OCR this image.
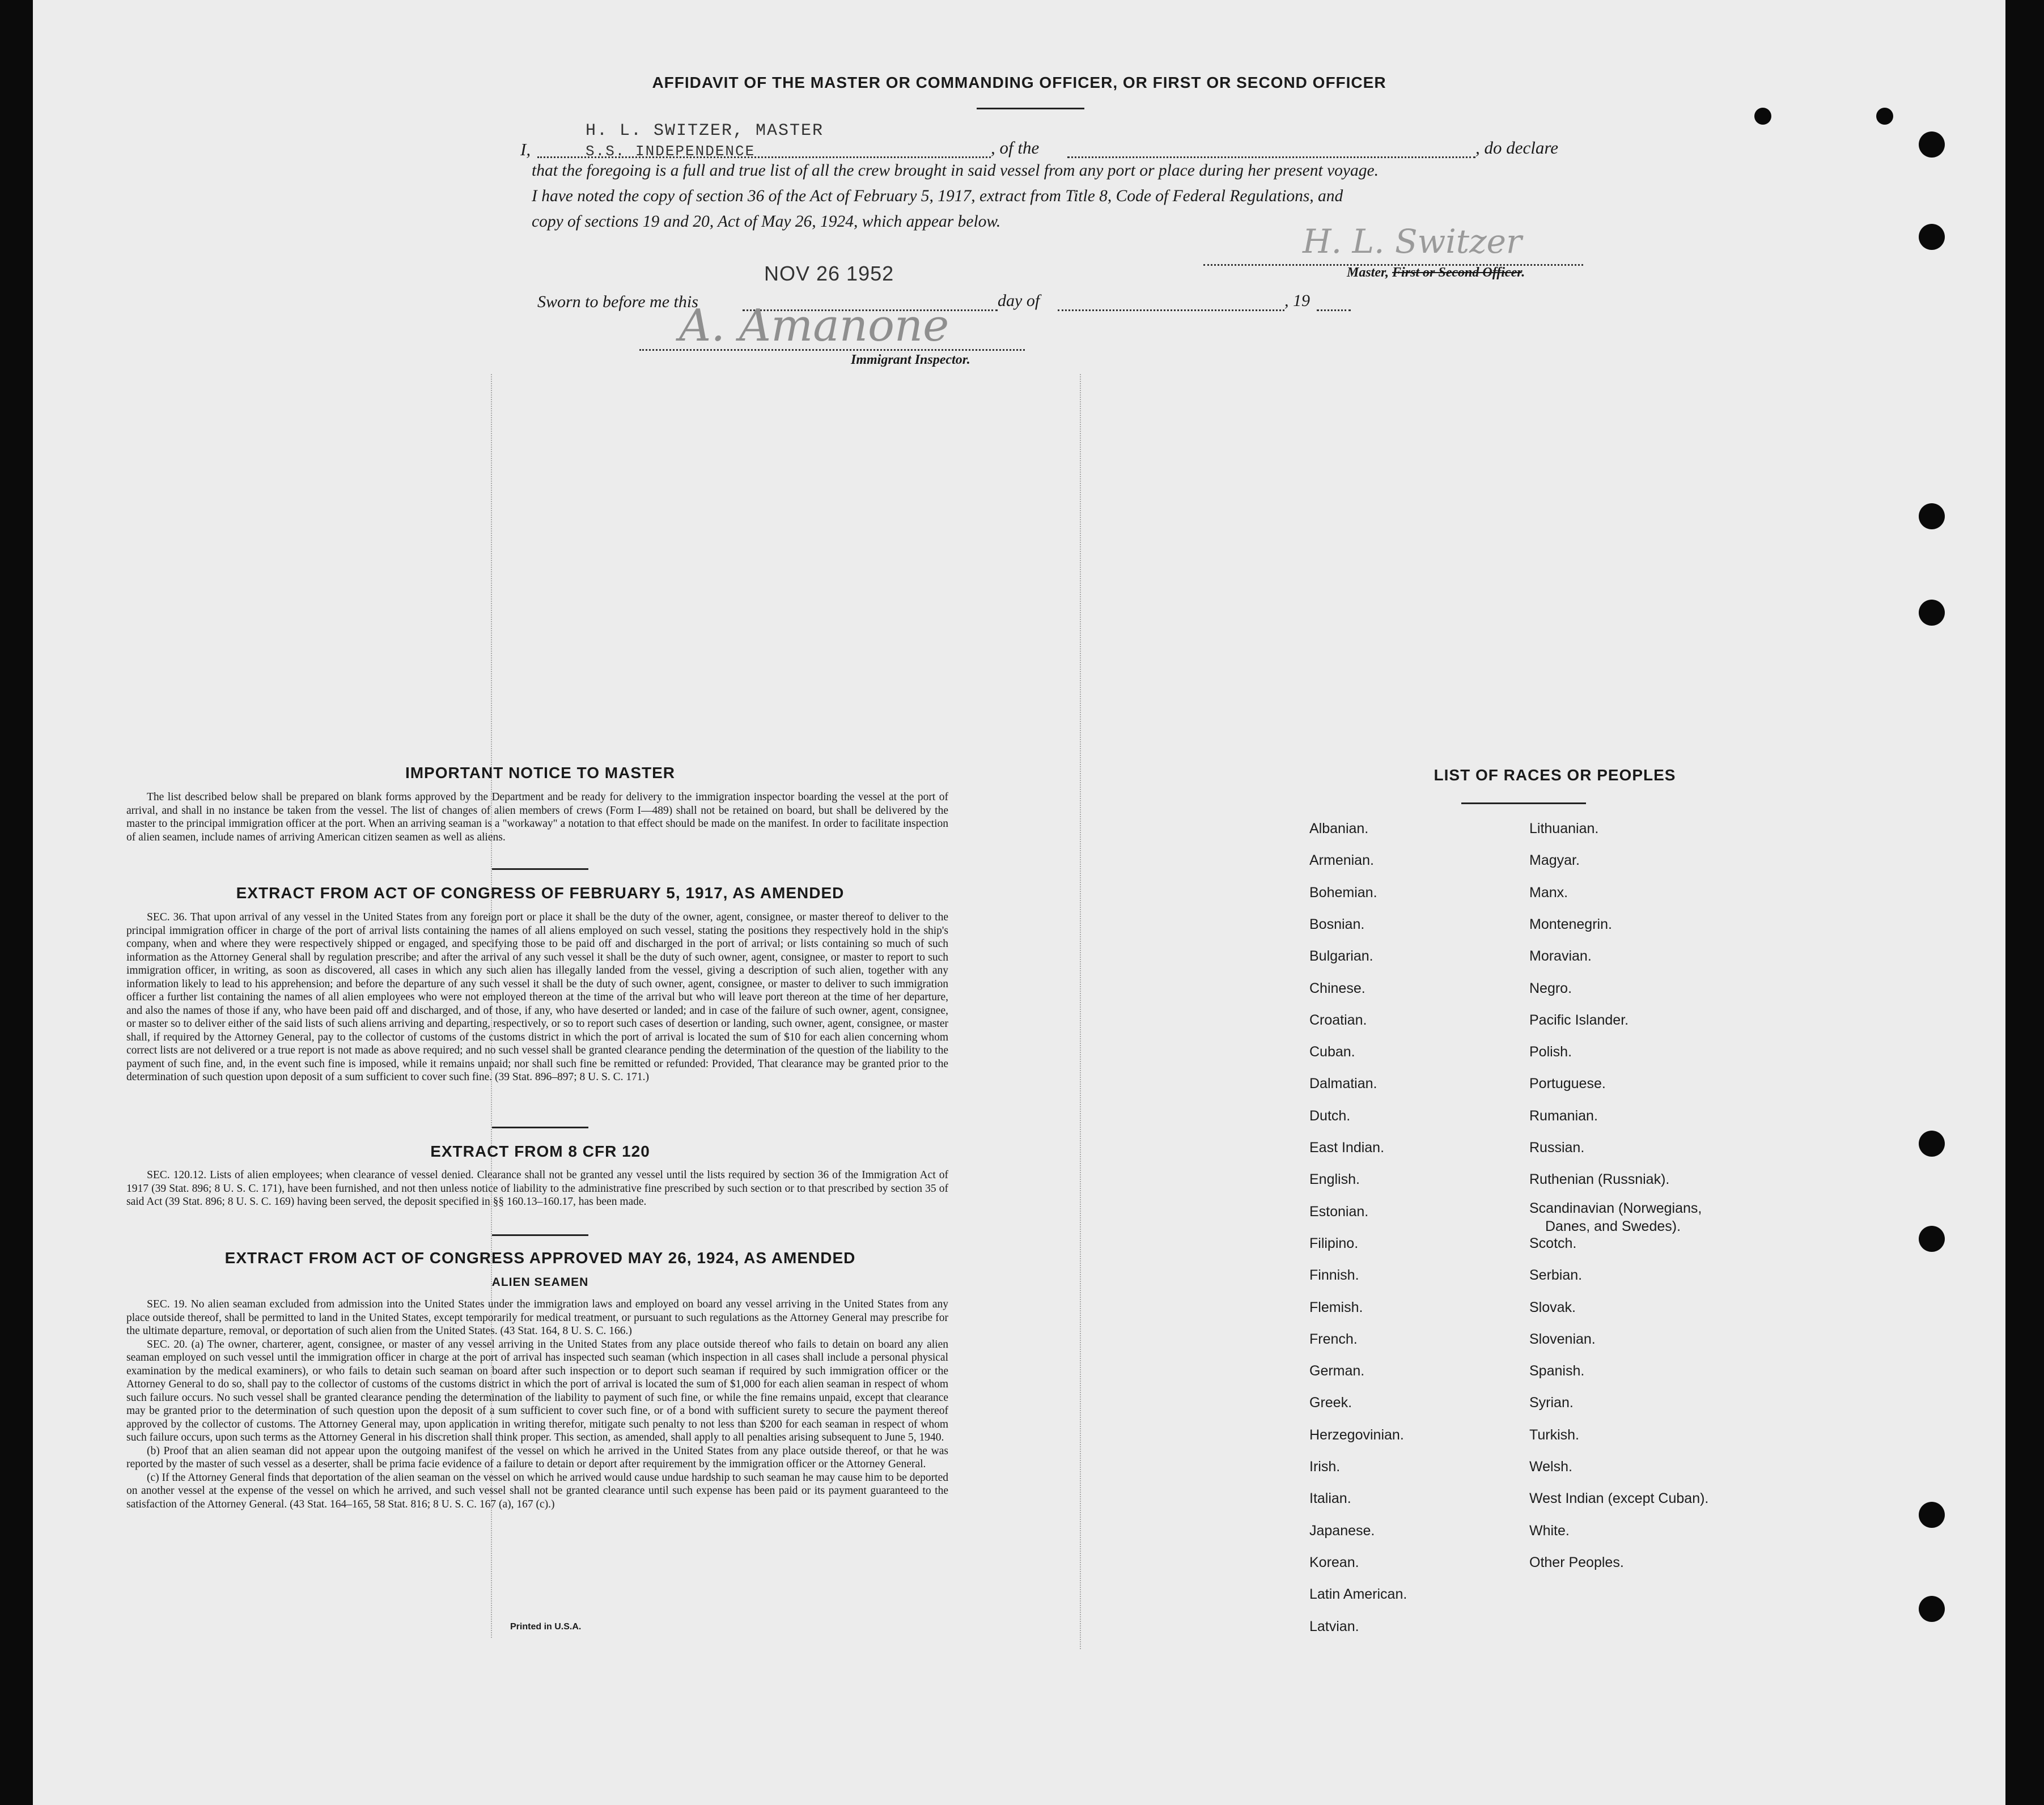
AFFIDAVIT OF THE MASTER OR COMMANDING OFFICER, OR FIRST OR SECOND OFFICER
I,
H. L. SWITZER, MASTER
S.S. INDEPENDENCE	, of the	, do declare
that the foregoing is a full and true list of all the crew brought in said vessel from any port or place during her present voyage.
I have noted the copy of section 36 of the Act of February 5, 1917, extract from Title 8, Code of Federal Regulations, and
copy of sections 19 and 20, Act of May 26, 1924, which appear below.
H. L. Switzer
Master, First or Second Officer.
NOV 26 1952
Sworn to before me this	day of	, 19
A. Amanone
Immigrant Inspector.
IMPORTANT NOTICE TO MASTER

The list described below shall be prepared on blank forms approved by the Department and be ready for delivery to the immigration inspector boarding the vessel at the port of arrival, and shall in no instance be taken from the vessel. The list of changes of alien members of crews (Form I—489) shall not be retained on board, but shall be delivered by the master to the principal immigration officer at the port. When an arriving seaman is a "workaway" a notation to that effect should be made on the manifest. In order to facilitate inspection of alien seamen, include names of arriving American citizen seamen as well as aliens.

EXTRACT FROM ACT OF CONGRESS OF FEBRUARY 5, 1917, AS AMENDED

SEC. 36. That upon arrival of any vessel in the United States from any foreign port or place it shall be the duty of the owner, agent, consignee, or master thereof to deliver to the principal immigration officer in charge of the port of arrival lists containing the names of all aliens employed on such vessel, stating the positions they respectively hold in the ship's company, when and where they were respectively shipped or engaged, and specifying those to be paid off and discharged in the port of arrival; or lists containing so much of such information as the Attorney General shall by regulation prescribe; and after the arrival of any such vessel it shall be the duty of such owner, agent, consignee, or master to report to such immigration officer, in writing, as soon as discovered, all cases in which any such alien has illegally landed from the vessel, giving a description of such alien, together with any information likely to lead to his apprehension; and before the departure of any such vessel it shall be the duty of such owner, agent, consignee, or master to deliver to such immigration officer a further list containing the names of all alien employees who were not employed thereon at the time of the arrival but who will leave port thereon at the time of her departure, and also the names of those if any, who have been paid off and discharged, and of those, if any, who have deserted or landed; and in case of the failure of such owner, agent, consignee, or master so to deliver either of the said lists of such aliens arriving and departing, respectively, or so to report such cases of desertion or landing, such owner, agent, consignee, or master shall, if required by the Attorney General, pay to the collector of customs of the customs district in which the port of arrival is located the sum of $10 for each alien concerning whom correct lists are not delivered or a true report is not made as above required; and no such vessel shall be granted clearance pending the determination of the question of the liability to the payment of such fine, and, in the event such fine is imposed, while it remains unpaid; nor shall such fine be remitted or refunded: Provided, That clearance may be granted prior to the determination of such question upon deposit of a sum sufficient to cover such fine. (39 Stat. 896–897; 8 U. S. C. 171.)

EXTRACT FROM 8 CFR 120

SEC. 120.12. Lists of alien employees; when clearance of vessel denied. Clearance shall not be granted any vessel until the lists required by section 36 of the Immigration Act of 1917 (39 Stat. 896; 8 U. S. C. 171), have been furnished, and not then unless notice of liability to the administrative fine prescribed by such section or to that prescribed by section 35 of said Act (39 Stat. 896; 8 U. S. C. 169) having been served, the deposit specified in §§ 160.13–160.17, has been made.

EXTRACT FROM ACT OF CONGRESS APPROVED MAY 26, 1924, AS AMENDED
ALIEN SEAMEN

SEC. 19. No alien seaman excluded from admission into the United States under the immigration laws and employed on board any vessel arriving in the United States from any place outside thereof, shall be permitted to land in the United States, except temporarily for medical treatment, or pursuant to such regulations as the Attorney General may prescribe for the ultimate departure, removal, or deportation of such alien from the United States. (43 Stat. 164, 8 U. S. C. 166.)

SEC. 20. (a) The owner, charterer, agent, consignee, or master of any vessel arriving in the United States from any place outside thereof who fails to detain on board any alien seaman employed on such vessel until the immigration officer in charge at the port of arrival has inspected such seaman (which inspection in all cases shall include a personal physical examination by the medical examiners), or who fails to detain such seaman on board after such inspection or to deport such seaman if required by such immigration officer or the Attorney General to do so, shall pay to the collector of customs of the customs district in which the port of arrival is located the sum of $1,000 for each alien seaman in respect of whom such failure occurs. No such vessel shall be granted clearance pending the determination of the liability to payment of such fine, or while the fine remains unpaid, except that clearance may be granted prior to the determination of such question upon the deposit of a sum sufficient to cover such fine, or of a bond with sufficient surety to secure the payment thereof approved by the collector of customs. The Attorney General may, upon application in writing therefor, mitigate such penalty to not less than $200 for each seaman in respect of whom such failure occurs, upon such terms as the Attorney General in his discretion shall think proper. This section, as amended, shall apply to all penalties arising subsequent to June 5, 1940.

(b) Proof that an alien seaman did not appear upon the outgoing manifest of the vessel on which he arrived in the United States from any place outside thereof, or that he was reported by the master of such vessel as a deserter, shall be prima facie evidence of a failure to detain or deport after requirement by the immigration officer or the Attorney General.

(c) If the Attorney General finds that deportation of the alien seaman on the vessel on which he arrived would cause undue hardship to such seaman he may cause him to be deported on another vessel at the expense of the vessel on which he arrived, and such vessel shall not be granted clearance until such expense has been paid or its payment guaranteed to the satisfaction of the Attorney General. (43 Stat. 164–165, 58 Stat. 816; 8 U. S. C. 167 (a), 167 (c).)

Printed in U.S.A.
LIST OF RACES OR PEOPLES
Albanian.
Armenian.
Bohemian.
Bosnian.
Bulgarian.
Chinese.
Croatian.
Cuban.
Dalmatian.
Dutch.
East Indian.
English.
Estonian.
Filipino.
Finnish.
Flemish.
French.
German.
Greek.
Herzegovinian.
Irish.
Italian.
Japanese.
Korean.
Latin American.
Latvian.
Lithuanian.
Magyar.
Manx.
Montenegrin.
Moravian.
Negro.
Pacific Islander.
Polish.
Portuguese.
Rumanian.
Russian.
Ruthenian (Russniak).
Scandinavian (Norwegians,
Danes, and Swedes).
Scotch.
Serbian.
Slovak.
Slovenian.
Spanish.
Syrian.
Turkish.
Welsh.
West Indian (except Cuban).
White.
Other Peoples.
